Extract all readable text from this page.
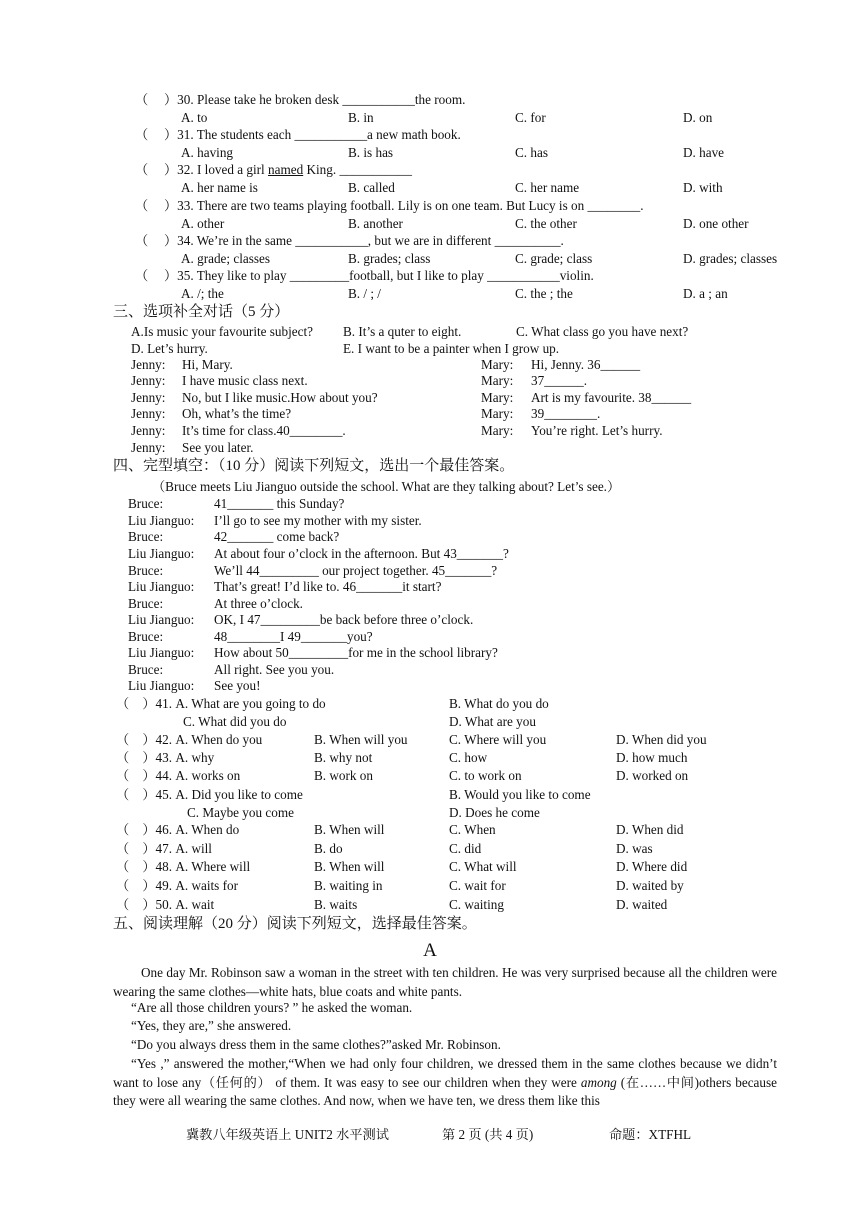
（ ）30. Please take he broken desk ___________the room.
A. to	B. in	C. for	D. on
（ ）31. The students each ___________a new math book.
A. having	B. is has	C. has	D. have
（ ）32. I loved a girl named King. ___________
A. her name is	B. called	C. her name	D. with
（ ）33. There are two teams playing football. Lily is on one team. But Lucy is on ________.
A. other	B. another	C. the other	D. one other
（ ）34. We’re in the same ___________, but we are in different __________.
A. grade; classes	B. grades; class	C. grade; class	D. grades; classes
（ ）35. They like to play _________football, but I like to play ___________violin.
A. /; the	B. / ; /	C. the ; the	D. a ; an
三、选项补全对话（5 分）
A.Is music your favourite subject? B. It’s a quter to eight.	C. What class go you have next?
D. Let’s hurry.	E. I want to be a painter when I grow up.
Jenny: Hi, Mary.	Mary: Hi, Jenny. 36______
Jenny: I have music class next.	Mary: 37______.
Jenny: No, but I like music.How about you?	Mary: Art is my favourite. 38______
Jenny: Oh, what’s the time?	Mary: 39________.
Jenny: It’s time for class.40________.	Mary: You’re right. Let’s hurry.
Jenny: See you later.
四、完型填空：（10 分）阅读下列短文，选出一个最佳答案。
（Bruce meets Liu Jianguo outside the school. What are they talking about? Let’s see.）
Bruce:	41_______ this Sunday?
Liu Jianguo: I’ll go to see my mother with my sister.
Bruce:	42_______ come back?
Liu Jianguo: At about four o’clock in the afternoon. But 43_______?
Bruce:	We’ll 44_________ our project together. 45_______?
Liu Jianguo: That’s great! I’d like to. 46_______it start?
Bruce:	At three o’clock.
Liu Jianguo: OK, I 47_________be back before three o’clock.
Bruce:	48________I 49_______you?
Liu Jianguo: How about 50_________for me in the school library?
Bruce:	All right. See you you.
Liu Jianguo: See you!
（　）41. A. What are you going to do	B. What do you do
C. What did you do	D. What are you
（　）42. A. When do you	B. When will you	C. Where will you	D. When did you
（　）43. A. why	B. why not	C. how	D. how much
（　）44. A. works on	B. work on	C. to work on	D. worked on
（　）45. A. Did you like to come	B. Would you like to come
C. Maybe you come	D. Does he come
（　）46. A. When do	B. When will	C. When	D. When did
（　）47. A. will	B. do	C. did	D. was
（　）48. A. Where will	B. When will	C. What will	D. Where did
（　）49. A. waits for	B. waiting in	C. wait for	D. waited by
（　）50. A. wait	B. waits	C. waiting	D. waited
五、阅读理解（20 分）阅读下列短文，选择最佳答案。
A
One day Mr. Robinson saw a woman in the street with ten children. He was very surprised because all the children were wearing the same clothes—white hats, blue coats and white pants.
“Are all those children yours? ” he asked the woman.
“Yes, they are,” she answered.
“Do you always dress them in the same clothes?”asked Mr. Robinson.
“Yes ,” answered the mother,“When we had only four children, we dressed them in the same clothes because we didn’t want to lose any（任何的） of them. It was easy to see our children when they were among (在……中间)others because they were all wearing the same clothes. And now, when we have ten, we dress them like this
冀教八年级英语上 UNIT2 水平测试	第 2 页 (共 4 页)	命题：XTFHL
